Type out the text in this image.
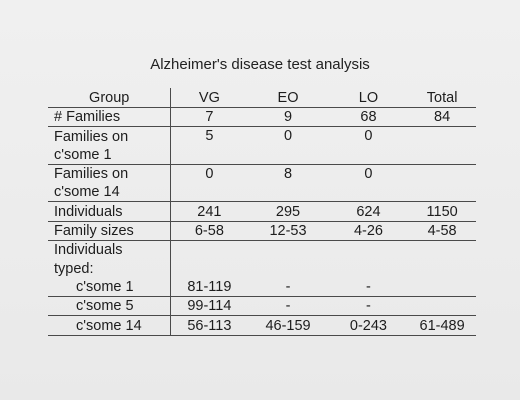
Alzheimer's disease test analysis
Group	VG	EO	LO	Total
# Families	7	9	68	84
Families on	5	0	0	
c'some 1				
Families on	0	8	0	
c'some 14				
Individuals	241	295	624	1150
Family sizes	6-58	12-53	4-26	4-58
Individuals				
typed:				
c'some 1	81-119	-	-	
c'some 5	99-114	-	-	
c'some 14	56-113	46-159	0-243	61-489
